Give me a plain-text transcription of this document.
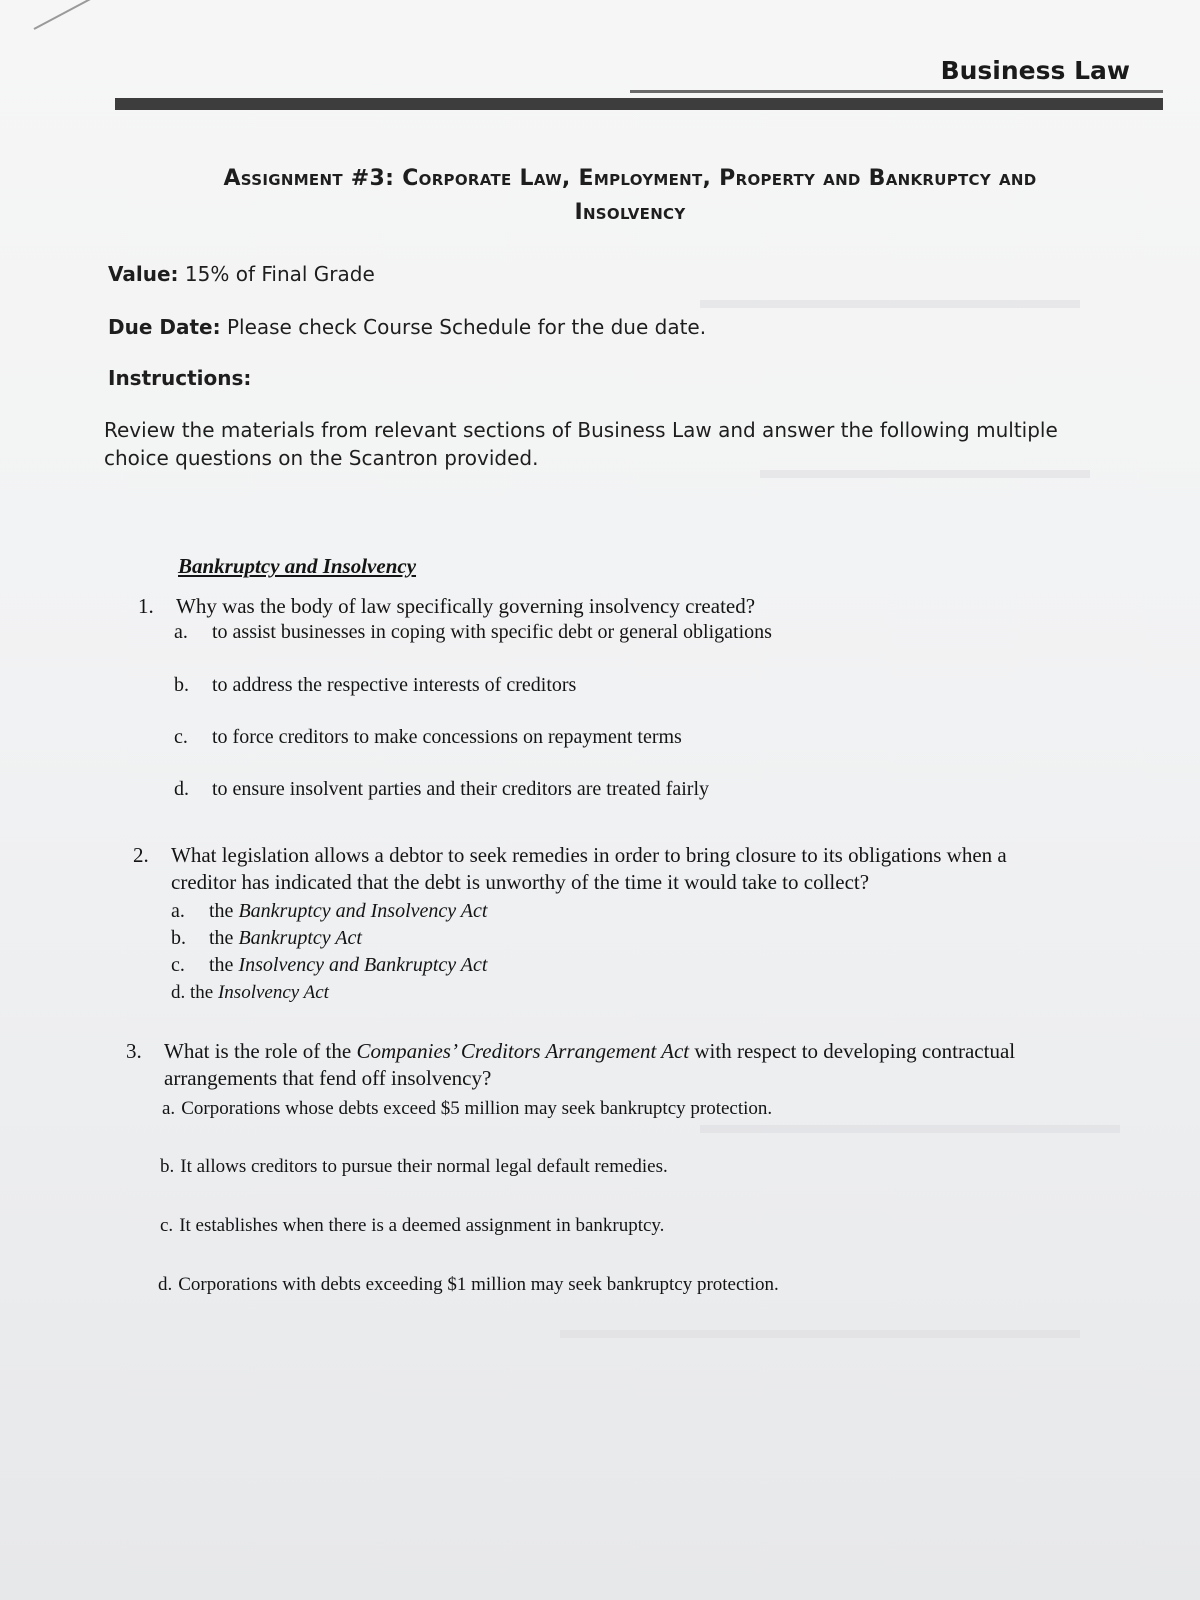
Business Law
Assignment #3: Corporate Law, Employment, Property and Bankruptcy and
Insolvency
Value: 15% of Final Grade
Due Date: Please check Course Schedule for the due date.
Instructions:
Review the materials from relevant sections of Business Law and answer the following multiple
choice questions on the Scantron provided.
Bankruptcy and Insolvency
1. Why was the body of law specifically governing insolvency created?
a. to assist businesses in coping with specific debt or general obligations
b. to address the respective interests of creditors
c. to force creditors to make concessions on repayment terms
d. to ensure insolvent parties and their creditors are treated fairly
2. What legislation allows a debtor to seek remedies in order to bring closure to its obligations when a
creditor has indicated that the debt is unworthy of the time it would take to collect?
a. the Bankruptcy and Insolvency Act
b. the Bankruptcy Act
c. the Insolvency and Bankruptcy Act
d. the Insolvency Act
3. What is the role of the Companies’ Creditors Arrangement Act with respect to developing contractual
arrangements that fend off insolvency?
a. Corporations whose debts exceed $5 million may seek bankruptcy protection.
b. It allows creditors to pursue their normal legal default remedies.
c. It establishes when there is a deemed assignment in bankruptcy.
d. Corporations with debts exceeding $1 million may seek bankruptcy protection.
